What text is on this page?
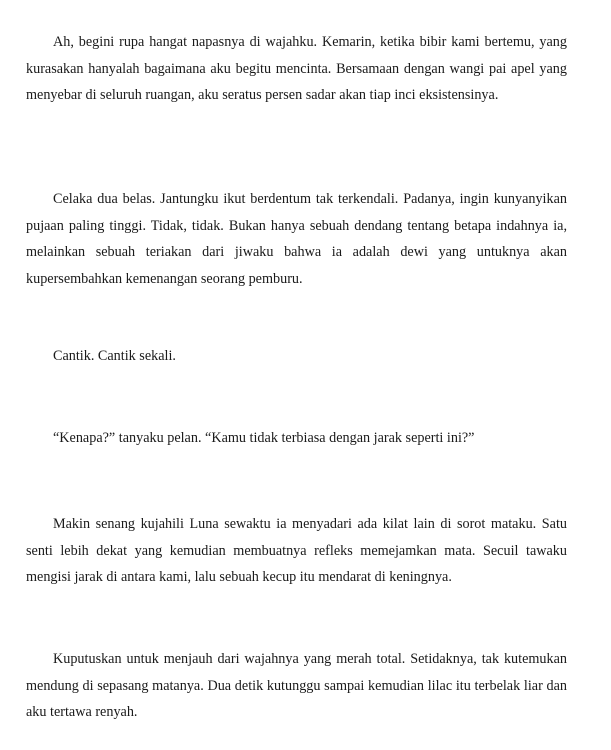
Ah, begini rupa hangat napasnya di wajahku. Kemarin, ketika bibir kami bertemu, yang kurasakan hanyalah bagaimana aku begitu mencinta. Bersamaan dengan wangi pai apel yang menyebar di seluruh ruangan, aku seratus persen sadar akan tiap inci eksistensinya.

Celaka dua belas. Jantungku ikut berdentum tak terkendali. Padanya, ingin kunyanyikan pujaan paling tinggi. Tidak, tidak. Bukan hanya sebuah dendang tentang betapa indahnya ia, melainkan sebuah teriakan dari jiwaku bahwa ia adalah dewi yang untuknya akan kupersembahkan kemenangan seorang pemburu.

Cantik. Cantik sekali.

“Kenapa?” tanyaku pelan. “Kamu tidak terbiasa dengan jarak seperti ini?”

Makin senang kujahili Luna sewaktu ia menyadari ada kilat lain di sorot mataku. Satu senti lebih dekat yang kemudian membuatnya refleks memejamkan mata. Secuil tawaku mengisi jarak di antara kami, lalu sebuah kecup itu mendarat di keningnya.

Kuputuskan untuk menjauh dari wajahnya yang merah total. Setidaknya, tak kutemukan mendung di sepasang matanya. Dua detik kutunggu sampai kemudian lilac itu terbelak liar dan aku tertawa renyah.
